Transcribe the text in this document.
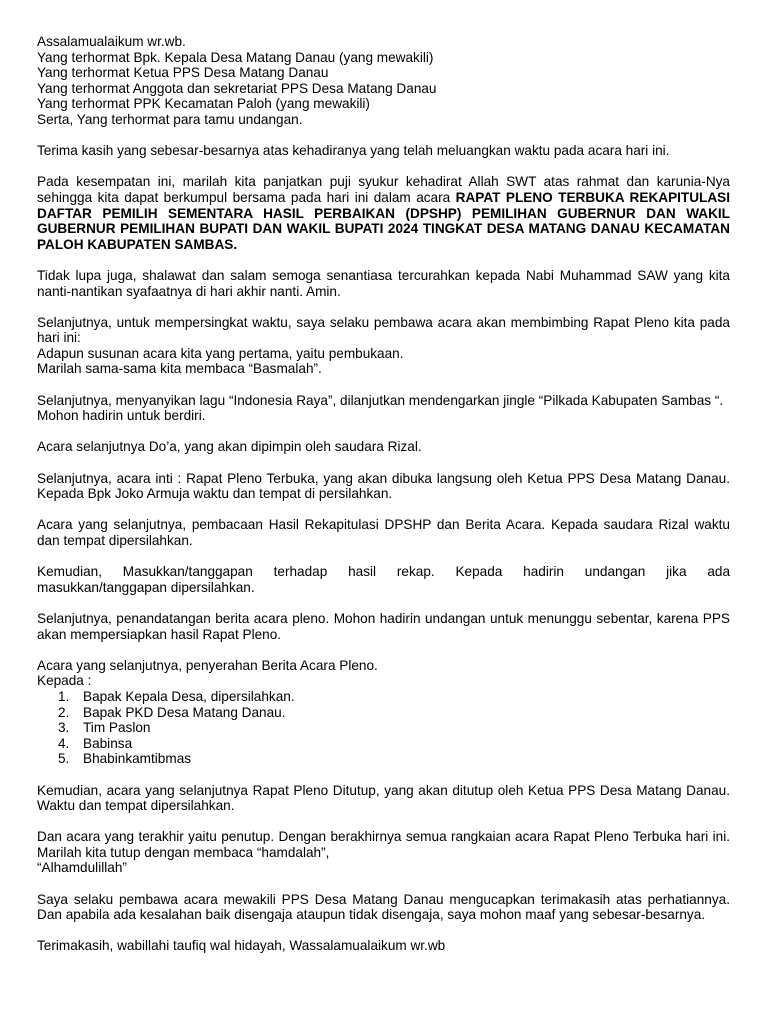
Assalamualaikum wr.wb.
Yang terhormat Bpk. Kepala Desa Matang Danau (yang mewakili)
Yang terhormat Ketua PPS Desa Matang Danau
Yang terhormat Anggota dan sekretariat PPS Desa Matang Danau
Yang terhormat PPK Kecamatan Paloh (yang mewakili)
Serta, Yang terhormat para tamu undangan.

Terima kasih yang sebesar-besarnya atas kehadiranya yang telah meluangkan waktu pada acara hari ini.

Pada kesempatan ini, marilah kita panjatkan puji syukur kehadirat Allah SWT atas rahmat dan karunia-Nya sehingga kita dapat berkumpul bersama pada hari ini dalam acara RAPAT PLENO TERBUKA REKAPITULASI DAFTAR PEMILIH SEMENTARA HASIL PERBAIKAN (DPSHP) PEMILIHAN GUBERNUR DAN WAKIL GUBERNUR PEMILIHAN BUPATI DAN WAKIL BUPATI 2024 TINGKAT DESA MATANG DANAU KECAMATAN PALOH KABUPATEN SAMBAS.

Tidak lupa juga, shalawat dan salam semoga senantiasa tercurahkan kepada Nabi Muhammad SAW yang kita nanti-nantikan syafaatnya di hari akhir nanti. Amin.

Selanjutnya, untuk mempersingkat waktu, saya selaku pembawa acara akan membimbing Rapat Pleno kita pada hari ini:

Adapun susunan acara kita yang pertama, yaitu pembukaan.

Marilah sama-sama kita membaca “Basmalah”.

Selanjutnya, menyanyikan lagu “Indonesia Raya”, dilanjutkan mendengarkan jingle “Pilkada Kabupaten Sambas “.

Mohon hadirin untuk berdiri.

Acara selanjutnya Do’a, yang akan dipimpin oleh saudara Rizal.

Selanjutnya, acara inti : Rapat Pleno Terbuka, yang akan dibuka langsung oleh Ketua PPS Desa Matang Danau. Kepada Bpk Joko Armuja waktu dan tempat di persilahkan.

Acara yang selanjutnya, pembacaan Hasil Rekapitulasi DPSHP dan Berita Acara. Kepada saudara Rizal waktu dan tempat dipersilahkan.

Kemudian, Masukkan/tanggapan terhadap hasil rekap. Kepada hadirin undangan jika ada
masukkan/tanggapan dipersilahkan.

Selanjutnya, penandatangan berita acara pleno. Mohon hadirin undangan untuk menunggu sebentar, karena PPS akan mempersiapkan hasil Rapat Pleno.

Acara yang selanjutnya, penyerahan Berita Acara Pleno.

Kepada :

1. Bapak Kepala Desa, dipersilahkan.
2. Bapak PKD Desa Matang Danau.
3. Tim Paslon
4. Babinsa
5. Bhabinkamtibmas

Kemudian, acara yang selanjutnya Rapat Pleno Ditutup, yang akan ditutup oleh Ketua PPS Desa Matang Danau. Waktu dan tempat dipersilahkan.

Dan acara yang terakhir yaitu penutup. Dengan berakhirnya semua rangkaian acara Rapat Pleno Terbuka hari ini. Marilah kita tutup dengan membaca “hamdalah”,

“Alhamdulillah”

Saya selaku pembawa acara mewakili PPS Desa Matang Danau mengucapkan terimakasih atas perhatiannya. Dan apabila ada kesalahan baik disengaja ataupun tidak disengaja, saya mohon maaf yang sebesar-besarnya.

Terimakasih, wabillahi taufiq wal hidayah, Wassalamualaikum wr.wb
